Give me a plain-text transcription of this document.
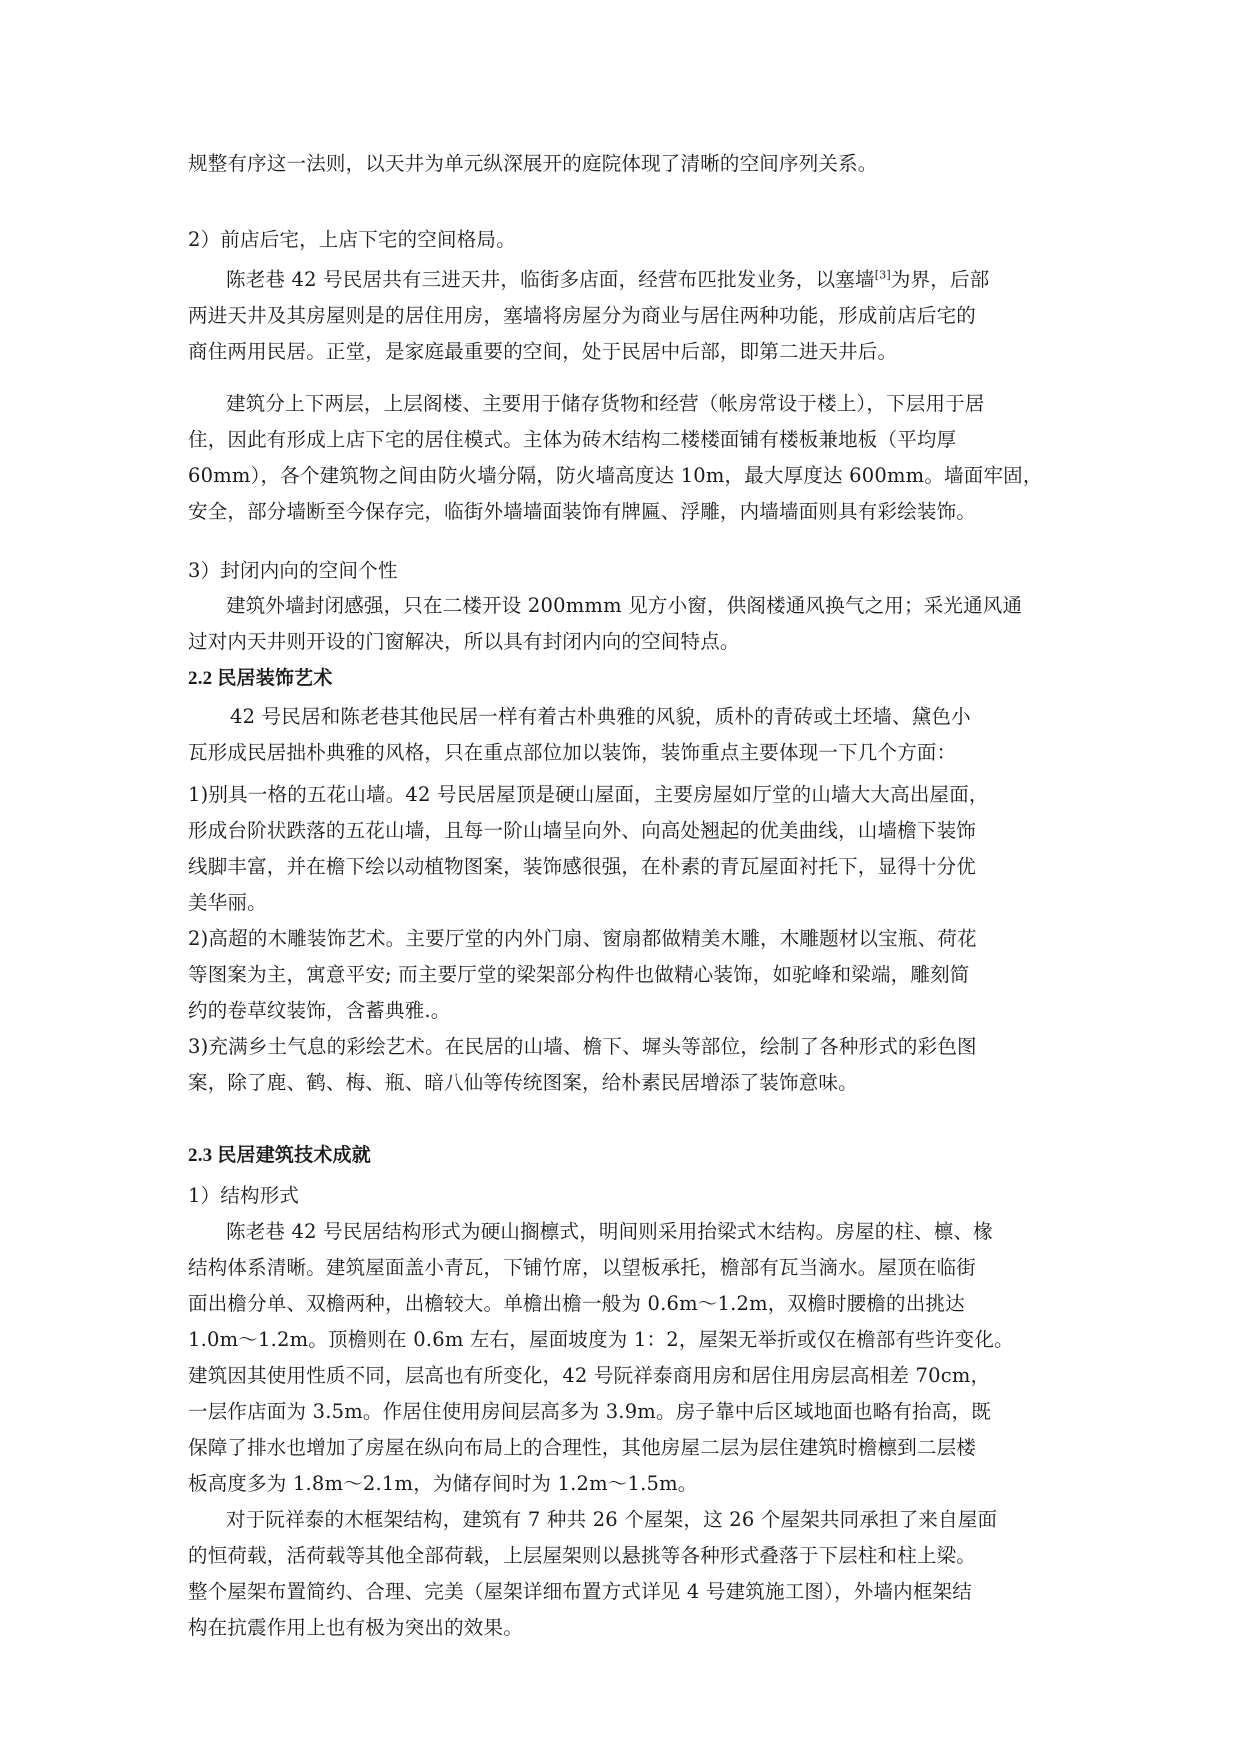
规整有序这一法则，以天井为单元纵深展开的庭院体现了清晰的空间序列关系。

2）前店后宅，上店下宅的空间格局。

陈老巷 42 号民居共有三进天井，临街多店面，经营布匹批发业务，以塞墙[3]为界，后部
两进天井及其房屋则是的居住用房，塞墙将房屋分为商业与居住两种功能，形成前店后宅的
商住两用民居。正堂，是家庭最重要的空间，处于民居中后部，即第二进天井后。

建筑分上下两层，上层阁楼、主要用于储存货物和经营（帐房常设于楼上），下层用于居
住，因此有形成上店下宅的居住模式。主体为砖木结构二楼楼面铺有楼板兼地板（平均厚
60mm），各个建筑物之间由防火墙分隔，防火墙高度达 10m，最大厚度达 600mm。墙面牢固，
安全，部分墙断至今保存完，临街外墙墙面装饰有牌匾、浮雕，内墙墙面则具有彩绘装饰。

3）封闭内向的空间个性

建筑外墙封闭感强，只在二楼开设 200mmm 见方小窗，供阁楼通风换气之用；采光通风通
过对内天井则开设的门窗解决，所以具有封闭内向的空间特点。

2.2 民居装饰艺术

42 号民居和陈老巷其他民居一样有着古朴典雅的风貌，质朴的青砖或土坯墙、黛色小
瓦形成民居拙朴典雅的风格，只在重点部位加以装饰，装饰重点主要体现一下几个方面：

1)别具一格的五花山墙。42 号民居屋顶是硬山屋面，主要房屋如厅堂的山墙大大高出屋面，
形成台阶状跌落的五花山墙，且每一阶山墙呈向外、向高处翘起的优美曲线，山墙檐下装饰
线脚丰富，并在檐下绘以动植物图案，装饰感很强，在朴素的青瓦屋面衬托下，显得十分优
美华丽。
2)高超的木雕装饰艺术。主要厅堂的内外门扇、窗扇都做精美木雕，木雕题材以宝瓶、荷花
等图案为主，寓意平安; 而主要厅堂的梁架部分构件也做精心装饰，如驼峰和梁端，雕刻简
约的卷草纹装饰，含蓄典雅.。
3)充满乡土气息的彩绘艺术。在民居的山墙、檐下、墀头等部位，绘制了各种形式的彩色图
案，除了鹿、鹤、梅、瓶、暗八仙等传统图案，给朴素民居增添了装饰意味。

2.3 民居建筑技术成就

1）结构形式

陈老巷 42 号民居结构形式为硬山搁檩式，明间则采用抬梁式木结构。房屋的柱、檩、椽
结构体系清晰。建筑屋面盖小青瓦，下铺竹席，以望板承托，檐部有瓦当滴水。屋顶在临街
面出檐分单、双檐两种，出檐较大。单檐出檐一般为 0.6m～1.2m，双檐时腰檐的出挑达
1.0m～1.2m。顶檐则在 0.6m 左右，屋面坡度为 1：2，屋架无举折或仅在檐部有些许变化。
建筑因其使用性质不同，层高也有所变化，42 号阮祥泰商用房和居住用房层高相差 70cm，
一层作店面为 3.5m。作居住使用房间层高多为 3.9m。房子靠中后区域地面也略有抬高，既
保障了排水也增加了房屋在纵向布局上的合理性，其他房屋二层为层住建筑时檐檩到二层楼
板高度多为 1.8m～2.1m，为储存间时为 1.2m～1.5m。

对于阮祥泰的木框架结构，建筑有 7 种共 26 个屋架，这 26 个屋架共同承担了来自屋面
的恒荷载，活荷载等其他全部荷载，上层屋架则以悬挑等各种形式叠落于下层柱和柱上梁。
整个屋架布置简约、合理、完美（屋架详细布置方式详见 4 号建筑施工图），外墙内框架结
构在抗震作用上也有极为突出的效果。
